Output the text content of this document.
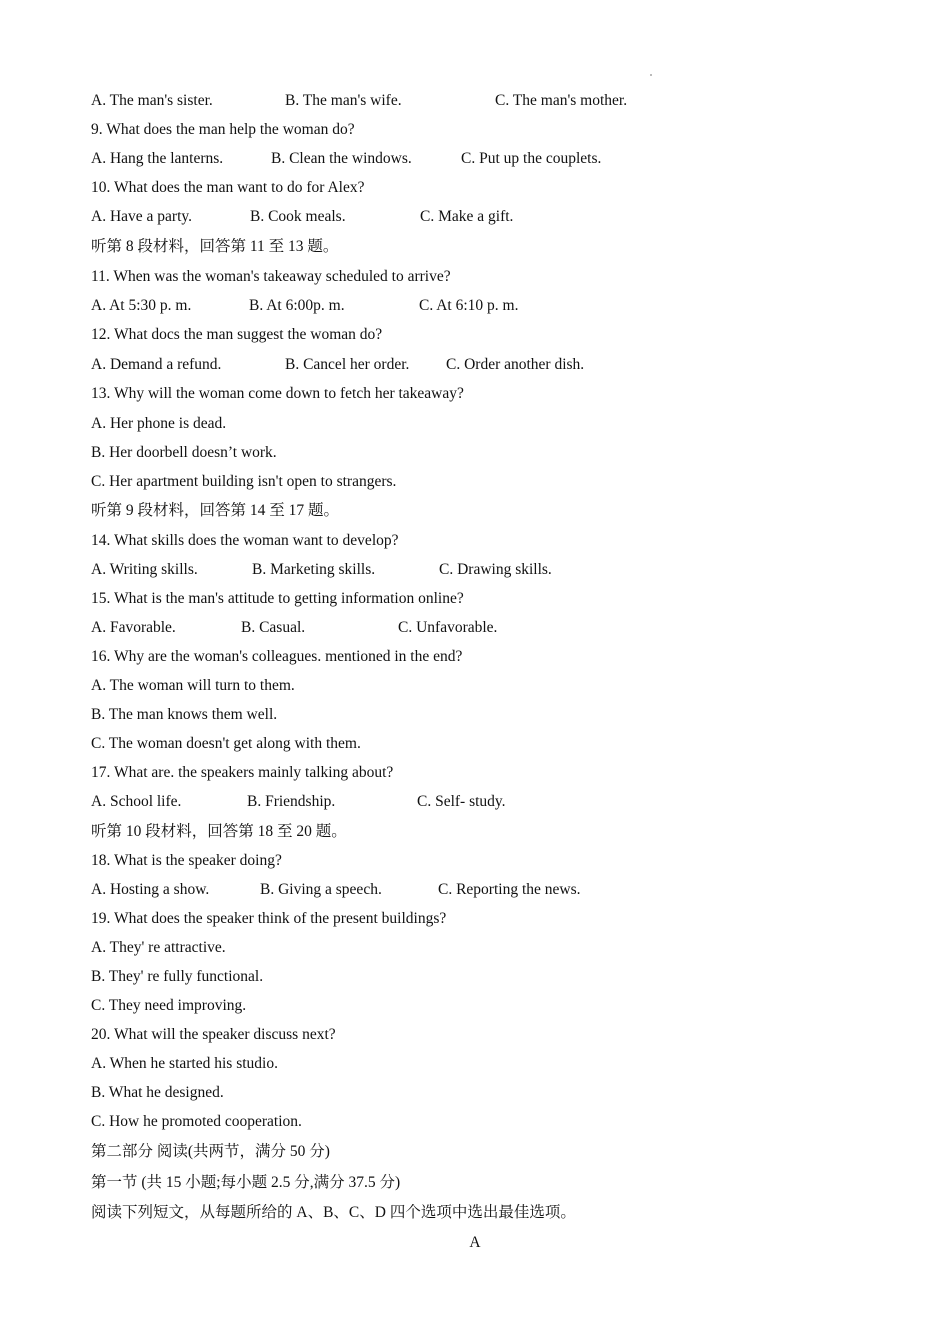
A. The man's sister.	B. The man's wife.	C. The man's mother.
9. What does the man help the woman do?
A. Hang the lanterns.	B. Clean the windows.	C. Put up the couplets.
10. What does the man want to do for Alex?
A. Have a party.	B. Cook meals.	C. Make a gift.
听第 8 段材料，回答第 11 至 13 题。
11. When was the woman's takeaway scheduled to arrive?
A. At 5:30 p. m.	B. At 6:00p. m.	C. At 6:10 p. m.
12. What docs the man suggest the woman do?
A. Demand a refund.	B. Cancel her order. C. Order another dish.
13. Why will the woman come down to fetch her takeaway?
A. Her phone is dead.
B. Her doorbell doesn’t work.
C. Her apartment building isn't open to strangers.
听第 9 段材料，回答第 14 至 17 题。
14. What skills does the woman want to develop?
A. Writing skills.	B. Marketing skills.	C. Drawing skills.
15. What is the man's attitude to getting information online?
A. Favorable.	B. Casual.	C. Unfavorable.
16. Why are the woman's colleagues. mentioned in the end?
A. The woman will turn to them.
B. The man knows them well.
C. The woman doesn't get along with them.
17. What are. the speakers mainly talking about?
A. School life.	B. Friendship.	C. Self- study.
听第 10 段材料，回答第 18 至 20 题。
18. What is the speaker doing?
A. Hosting a show.	B. Giving a speech.	C. Reporting the news.
19. What does the speaker think of the present buildings?
A. They' re attractive.
B. They' re fully functional.
C. They need improving.
20. What will the speaker discuss next?
A. When he started his studio.
B. What he designed.
C. How he promoted cooperation.
第二部分 阅读(共两节，满分 50 分)
第一节 (共 15 小题;每小题 2.5 分,满分 37.5 分)
阅读下列短文，从每题所给的 A、B、C、D 四个选项中选出最佳选项。
A
